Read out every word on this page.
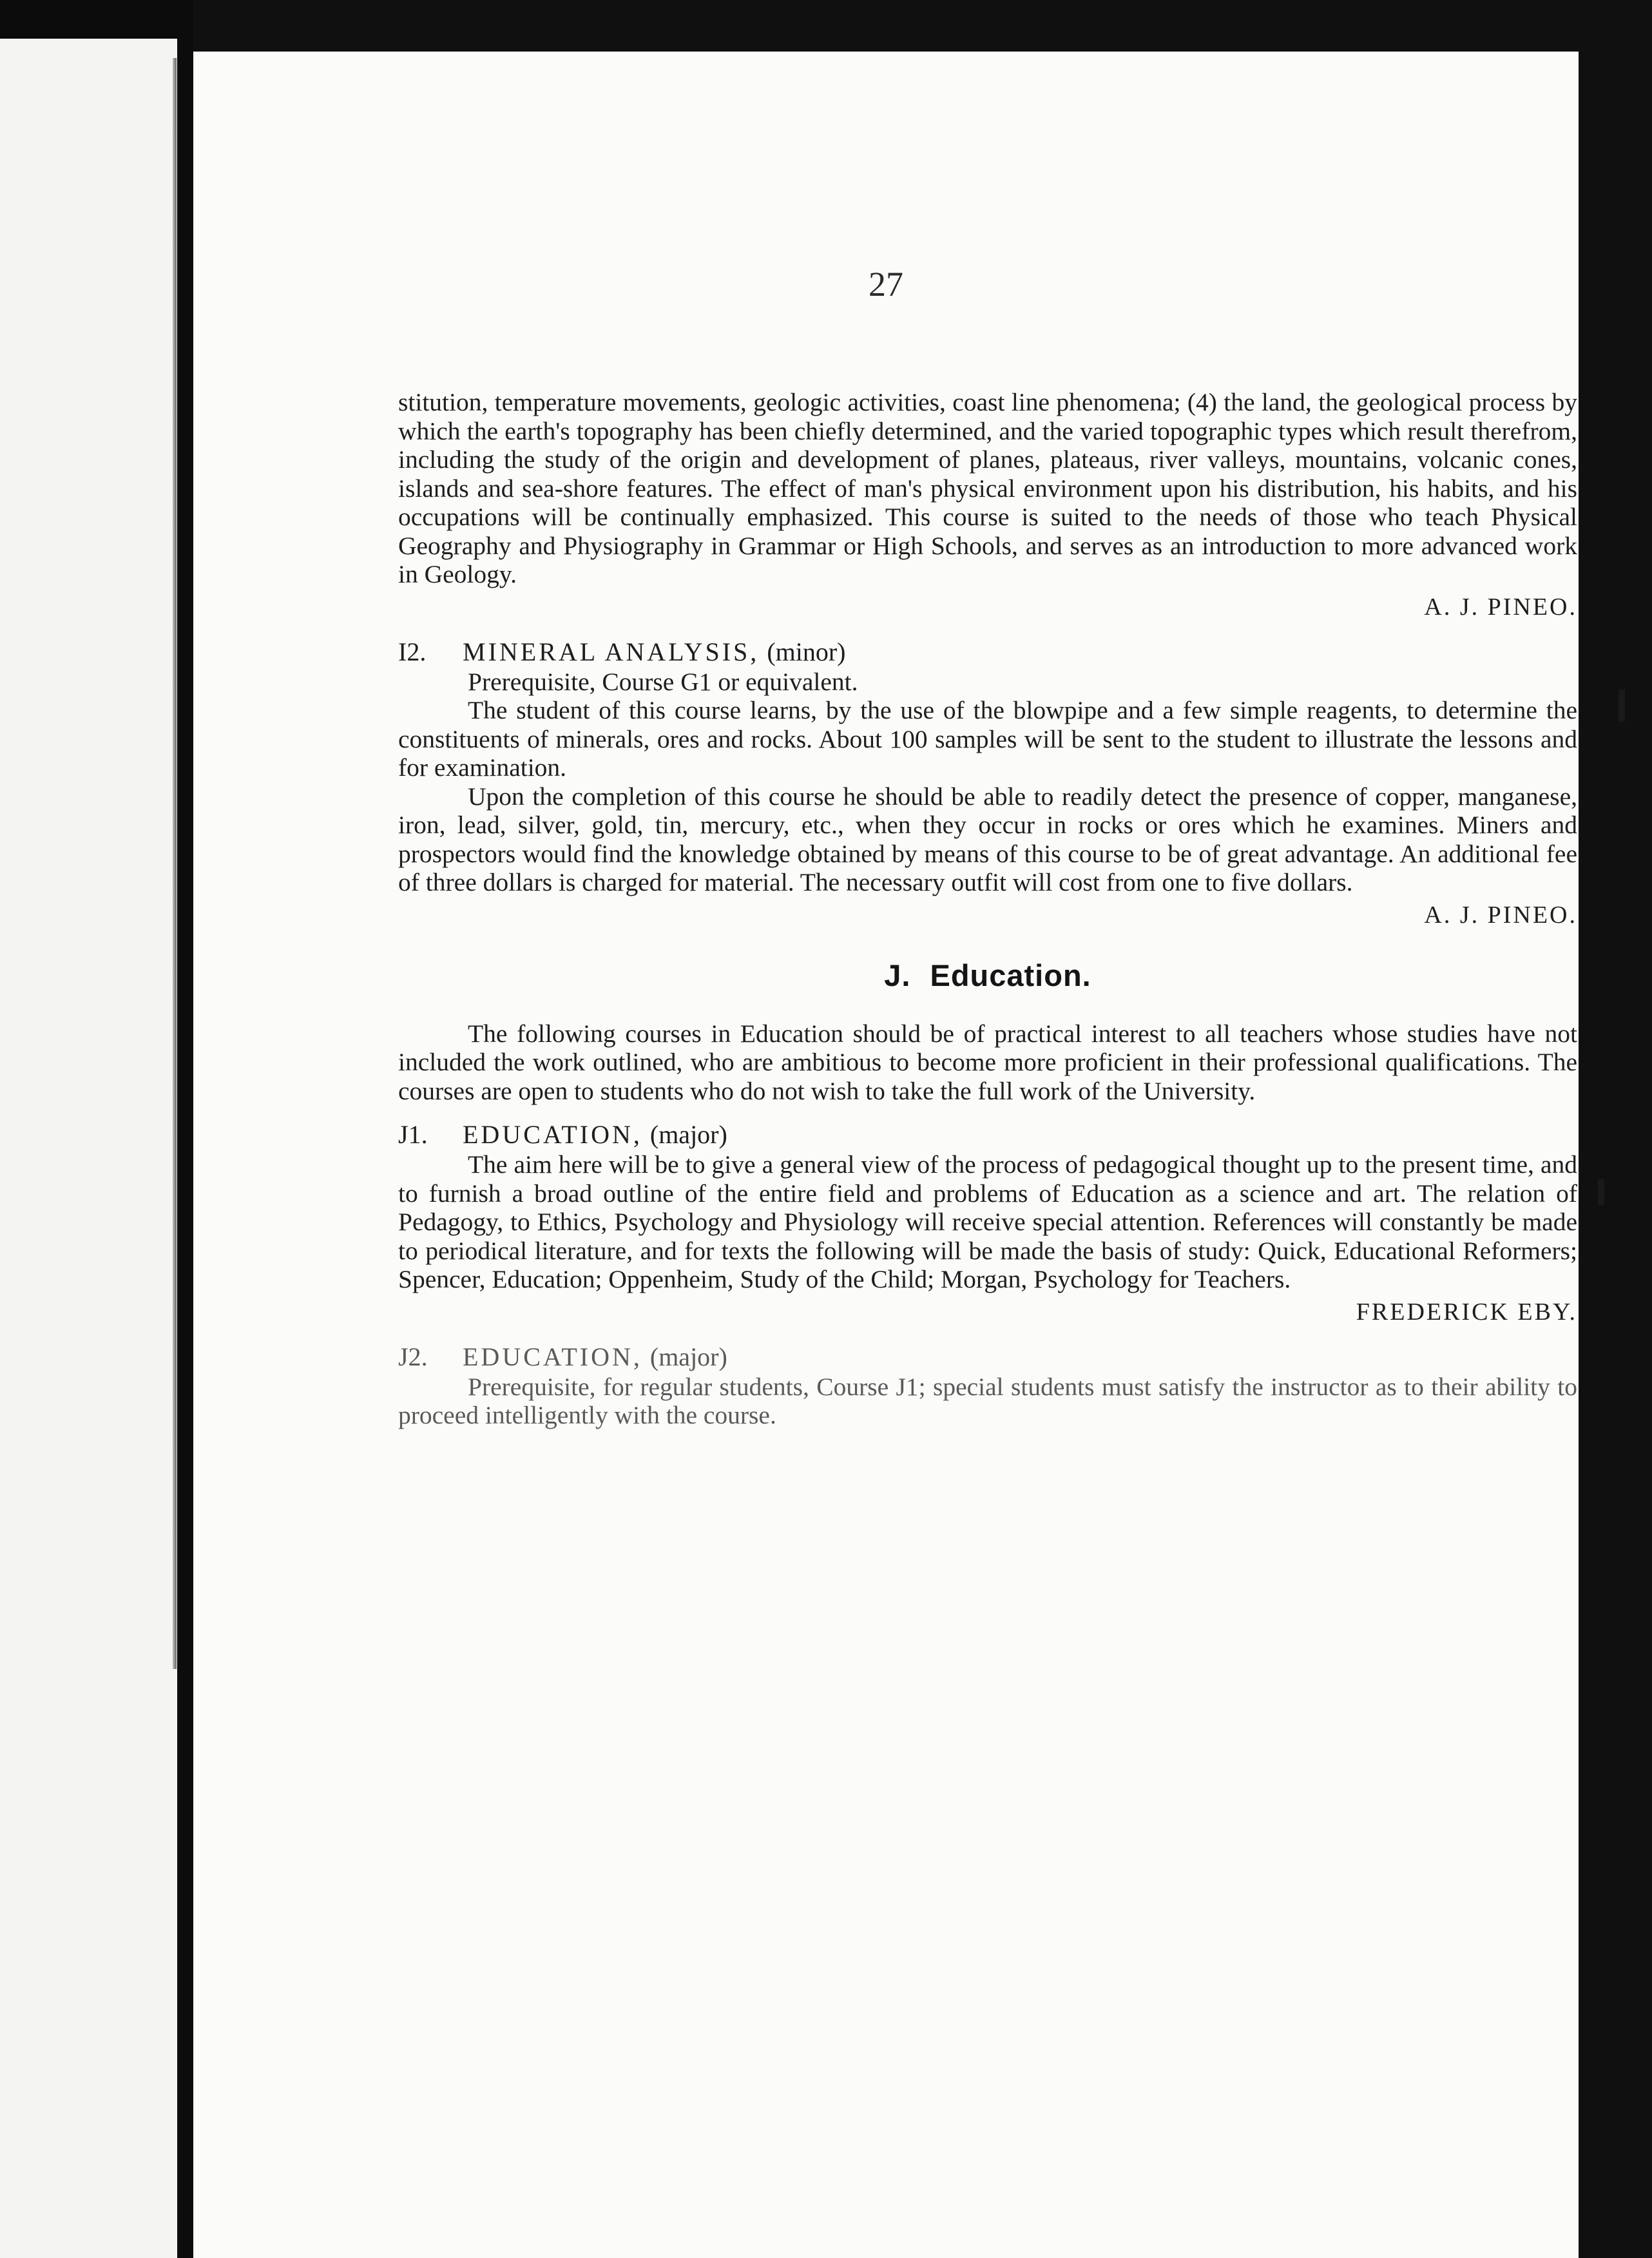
27

stitution, temperature movements, geologic activities, coast line phenomena; (4) the land, the geological process by which the earth's topography has been chiefly determined, and the varied topographic types which result therefrom, including the study of the origin and development of planes, plateaus, river valleys, mountains, volcanic cones, islands and sea-shore features. The effect of man's physical environment upon his distribution, his habits, and his occupations will be continually emphasized. This course is suited to the needs of those who teach Physical Geography and Physiography in Grammar or High Schools, and serves as an introduction to more advanced work in Geology.

A. J. PINEO.
I2. MINERAL ANALYSIS, (minor)

Prerequisite, Course G1 or equivalent.

The student of this course learns, by the use of the blowpipe and a few simple reagents, to determine the constituents of minerals, ores and rocks. About 100 samples will be sent to the student to illustrate the lessons and for examination.

Upon the completion of this course he should be able to readily detect the presence of copper, manganese, iron, lead, silver, gold, tin, mercury, etc., when they occur in rocks or ores which he examines. Miners and prospectors would find the knowledge obtained by means of this course to be of great advantage. An additional fee of three dollars is charged for material. The necessary outfit will cost from one to five dollars.

A. J. PINEO.
J. Education.

The following courses in Education should be of practical interest to all teachers whose studies have not included the work outlined, who are ambitious to become more proficient in their professional qualifications. The courses are open to students who do not wish to take the full work of the University.

J1. EDUCATION, (major)

The aim here will be to give a general view of the process of pedagogical thought up to the present time, and to furnish a broad outline of the entire field and problems of Education as a science and art. The relation of Pedagogy, to Ethics, Psychology and Physiology will receive special attention. References will constantly be made to periodical literature, and for texts the following will be made the basis of study: Quick, Educational Reformers; Spencer, Education; Oppenheim, Study of the Child; Morgan, Psychology for Teachers.

FREDERICK EBY.
J2. EDUCATION, (major)

Prerequisite, for regular students, Course J1; special students must satisfy the instructor as to their ability to proceed intelligently with the course.
